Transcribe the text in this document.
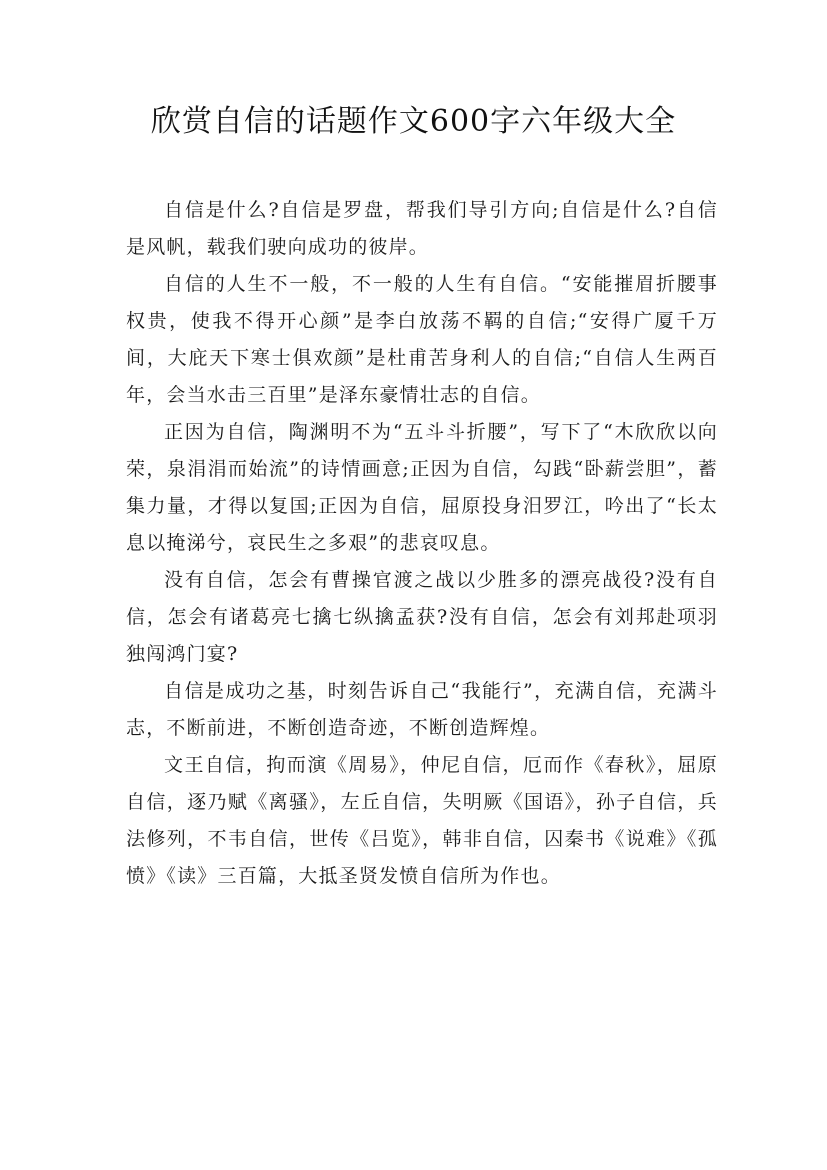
欣赏自信的话题作文600字六年级大全

自信是什么?自信是罗盘，帮我们导引方向;自信是什么?自信是风帆，载我们驶向成功的彼岸。

自信的人生不一般，不一般的人生有自信。“安能摧眉折腰事权贵，使我不得开心颜”是李白放荡不羁的自信;“安得广厦千万间，大庇天下寒士俱欢颜”是杜甫苦身利人的自信;“自信人生两百年，会当水击三百里”是泽东豪情壮志的自信。

正因为自信，陶渊明不为“五斗斗折腰”，写下了“木欣欣以向荣，泉涓涓而始流”的诗情画意;正因为自信，勾践“卧薪尝胆”，蓄集力量，才得以复国;正因为自信，屈原投身汨罗江，吟出了“长太息以掩涕兮，哀民生之多艰”的悲哀叹息。

没有自信，怎会有曹操官渡之战以少胜多的漂亮战役?没有自信，怎会有诸葛亮七擒七纵擒孟获?没有自信，怎会有刘邦赴项羽独闯鸿门宴?

自信是成功之基，时刻告诉自己“我能行”，充满自信，充满斗志，不断前进，不断创造奇迹，不断创造辉煌。

文王自信，拘而演《周易》，仲尼自信，厄而作《春秋》，屈原自信，逐乃赋《离骚》，左丘自信，失明厥《国语》，孙子自信，兵法修列，不韦自信，世传《吕览》，韩非自信，囚秦书《说难》《孤愤》《读》三百篇，大抵圣贤发愤自信所为作也。
